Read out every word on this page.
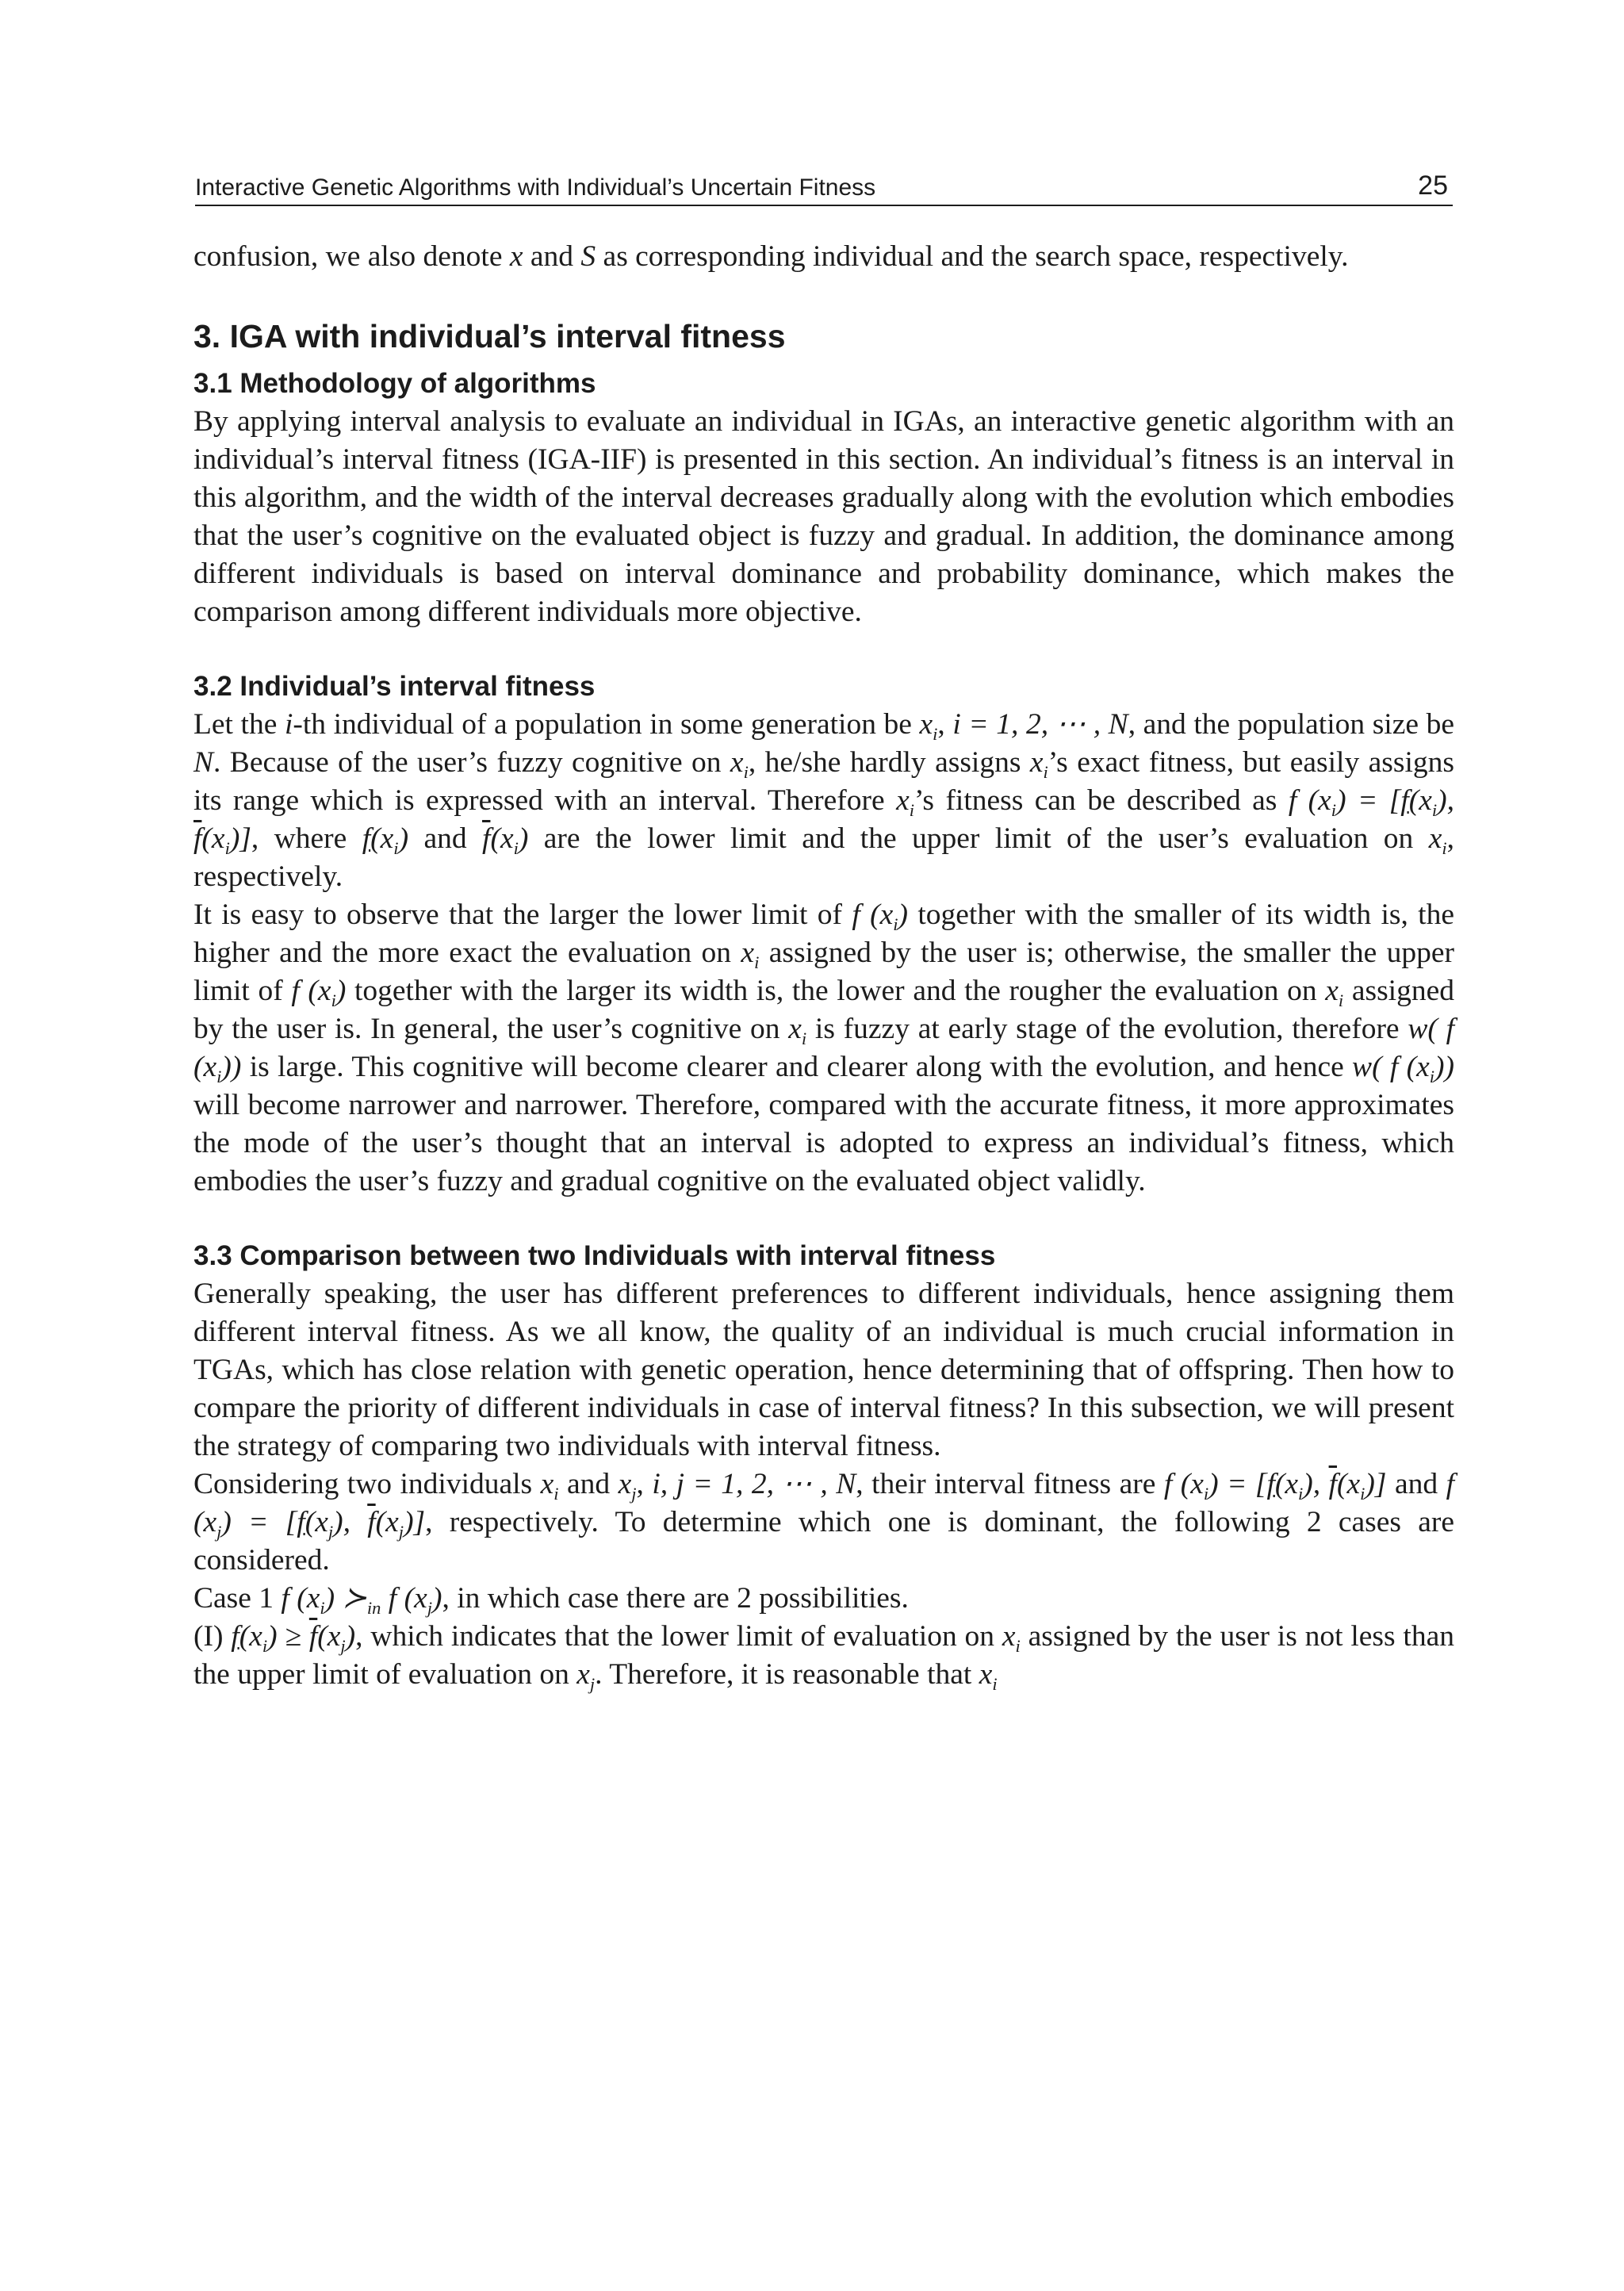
Interactive Genetic Algorithms with Individual’s Uncertain Fitness	25

confusion, we also denote x and S as corresponding individual and the search space, respectively.

3. IGA with individual’s interval fitness
3.1 Methodology of algorithms

By applying interval analysis to evaluate an individual in IGAs, an interactive genetic algorithm with an individual’s interval fitness (IGA-IIF) is presented in this section. An individual’s fitness is an interval in this algorithm, and the width of the interval decreases gradually along with the evolution which embodies that the user’s cognitive on the evaluated object is fuzzy and gradual. In addition, the dominance among different individuals is based on interval dominance and probability dominance, which makes the comparison among different individuals more objective.

3.2 Individual’s interval fitness

Let the i-th individual of a population in some generation be $x_i$, i = 1, 2, ⋯ , N, and the population size be N. Because of the user’s fuzzy cognitive on $x_i$, he/she hardly assigns $x_i’s$ exact fitness, but easily assigns its range which is expressed with an interval. Therefore $x_i’s$ fitness can be described as f $(x_i) = [f(x_i)$, $\overline{f}(x_i)$], where $f(x_i)$ and $\overline{f}(x_i)$ are the lower limit and the upper limit of the user’s evaluation on $x_i$, respectively.

It is easy to observe that the larger the lower limit of f $(x_i)$ together with the smaller of its width is, the higher and the more exact the evaluation on $x_i$ assigned by the user is; otherwise, the smaller the upper limit of f $(x_i)$ together with the larger its width is, the lower and the rougher the evaluation on $x_i$ assigned by the user is. In general, the user’s cognitive on $x_i$ is fuzzy at early stage of the evolution, therefore w( f $(x_i)$) is large. This cognitive will become clearer and clearer along with the evolution, and hence w( f $(x_i)$) will become narrower and narrower. Therefore, compared with the accurate fitness, it more approximates the mode of the user’s thought that an interval is adopted to express an individual’s fitness, which embodies the user’s fuzzy and gradual cognitive on the evaluated object validly.

3.3 Comparison between two Individuals with interval fitness

Generally speaking, the user has different preferences to different individuals, hence assigning them different interval fitness. As we all know, the quality of an individual is much crucial information in TGAs, which has close relation with genetic operation, hence determining that of offspring. Then how to compare the priority of different individuals in case of interval fitness? In this subsection, we will present the strategy of comparing two individuals with interval fitness.

Considering two individuals $x_i$ and $x_j$, i, j = 1, 2, ⋯ , N, their interval fitness are f $(x_i) = [f(x_i)$, $\overline{f}(x_i)$] and f $(x_j) = [f(x_j)$, $\overline{f}(x_j)$], respectively. To determine which one is dominant, the following 2 cases are considered.

Case 1 f $(x_i)$ $≻_{in}$ f $(x_j)$, in which case there are 2 possibilities.

(I) $f(x_i) \ge \overline{f}(x_j)$, which indicates that the lower limit of evaluation on $x_i$ assigned by the user is not less than the upper limit of evaluation on $x_j$. Therefore, it is reasonable that $x_i$
